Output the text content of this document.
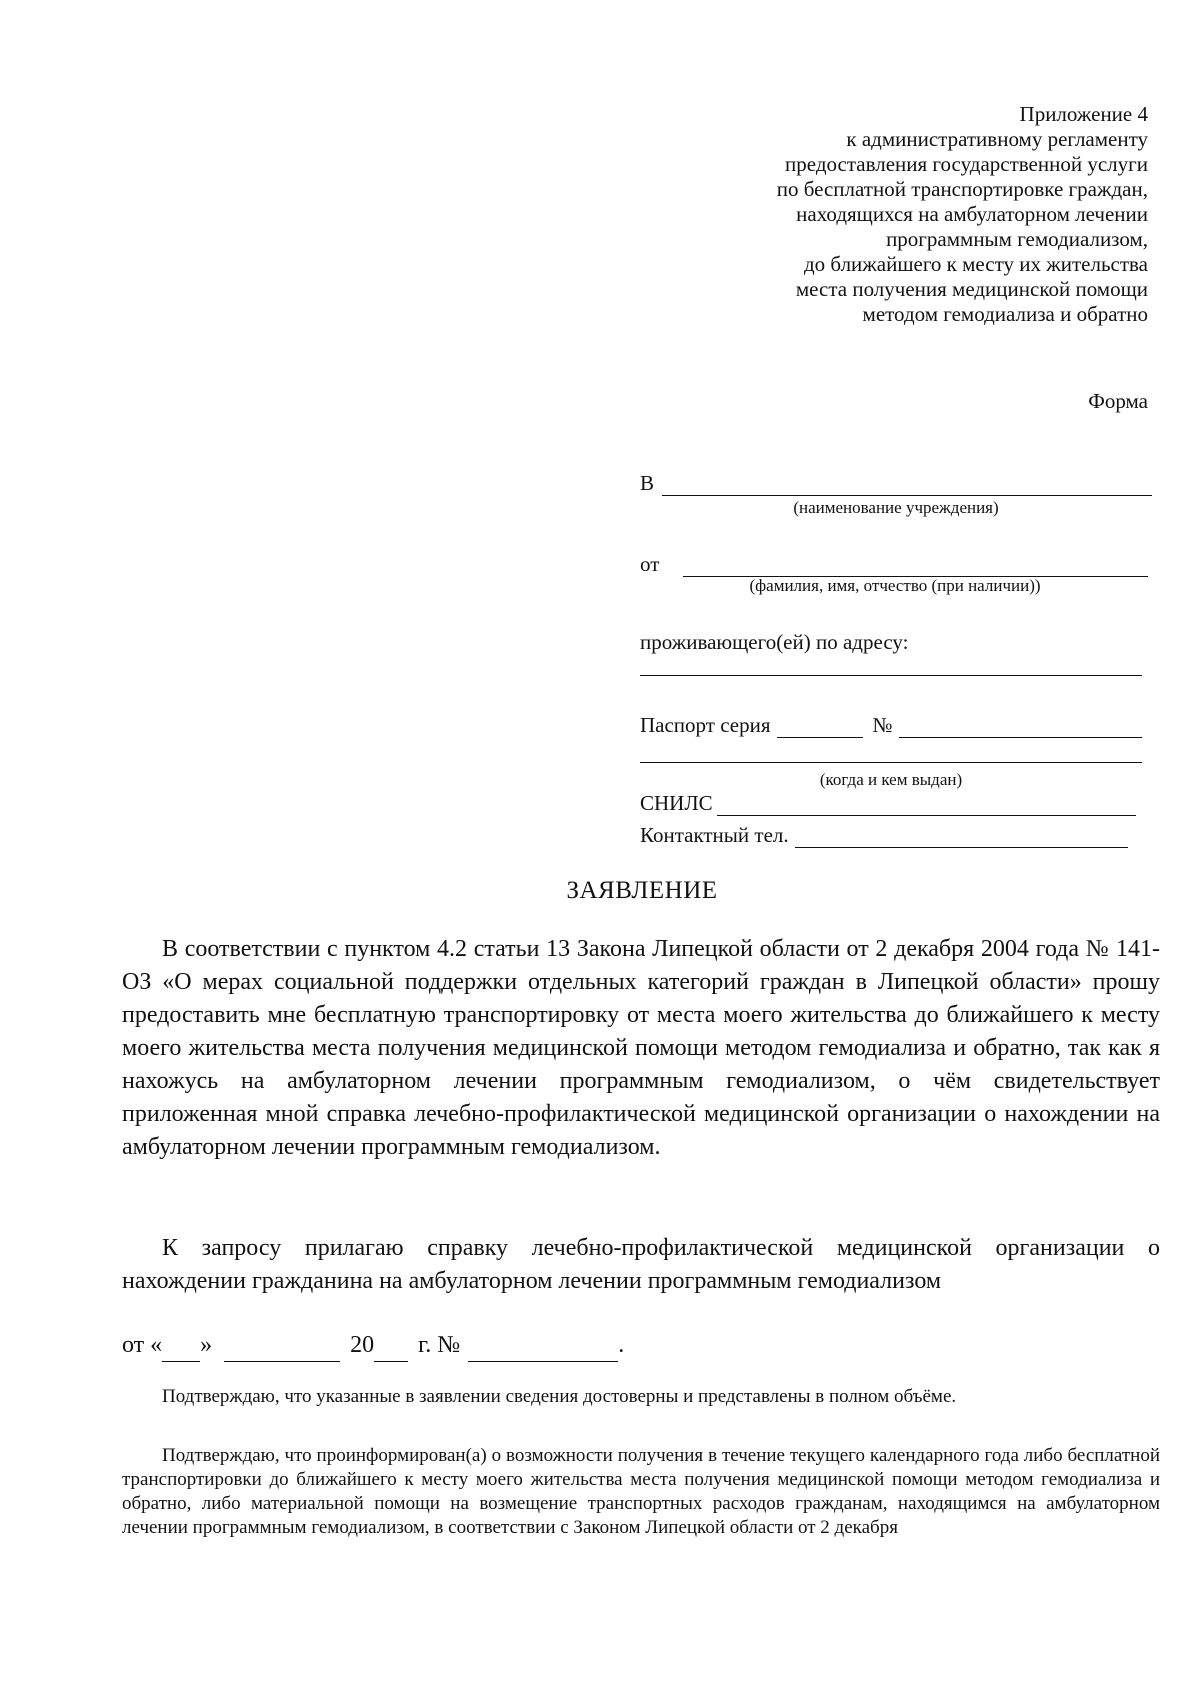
Приложение 4
к административному регламенту
предоставления государственной услуги
по бесплатной транспортировке граждан,
находящихся на амбулаторном лечении
программным гемодиализом,
до ближайшего к месту их жительства
места получения медицинской помощи
методом гемодиализа и обратно
Форма
В
(наименование учреждения)
от
(фамилия, имя, отчество (при наличии))
проживающего(ей) по адресу:
Паспорт серия	№
(когда и кем выдан)
СНИЛС
Контактный тел.
ЗАЯВЛЕНИЕ

В соответствии с пунктом 4.2 статьи 13 Закона Липецкой области от 2 декабря 2004 года № 141-ОЗ «О мерах социальной поддержки отдельных категорий граждан в Липецкой области» прошу предоставить мне бесплатную транспортировку от места моего жительства до ближайшего к месту моего жительства места получения медицинской помощи методом гемодиализа и обратно, так как я нахожусь на амбулаторном лечении программным гемодиализом, о чём свидетельствует приложенная мной справка лечебно-профилактической медицинской организации о нахождении на амбулаторном лечении программным гемодиализом.

К запросу прилагаю справку лечебно-профилактической медицинской организации о нахождении гражданина на амбулаторном лечении программным гемодиализом

от « »	20 г. №	.

Подтверждаю, что указанные в заявлении сведения достоверны и представлены в полном объёме.

Подтверждаю, что проинформирован(а) о возможности получения в течение текущего календарного года либо бесплатной транспортировки до ближайшего к месту моего жительства места получения медицинской помощи методом гемодиализа и обратно, либо материальной помощи на возмещение транспортных расходов гражданам, находящимся на амбулаторном лечении программным гемодиализом, в соответствии с Законом Липецкой области от 2 декабря
